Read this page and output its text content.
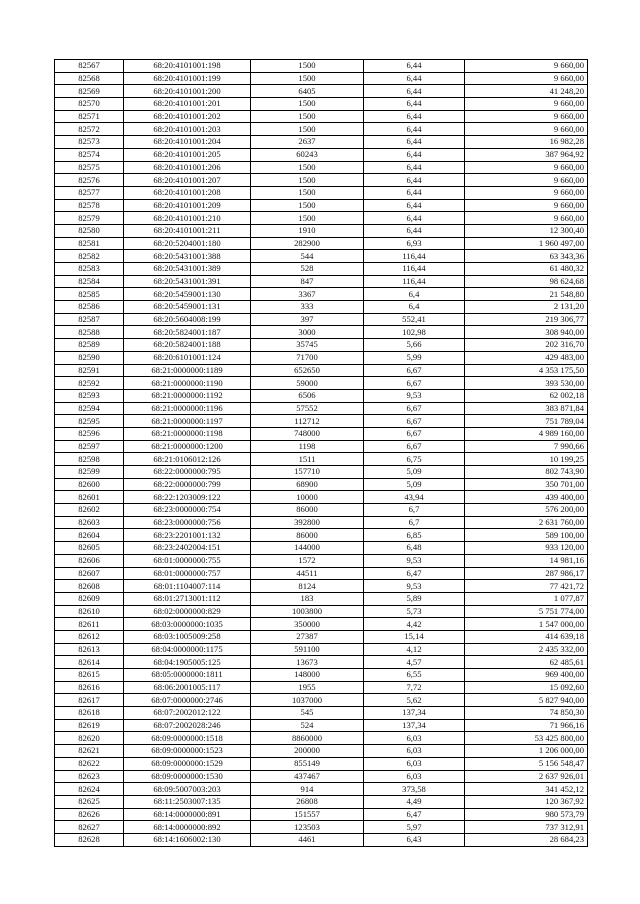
82567	68:20:4101001:198	1500	6,44	9 660,00
82568	68:20:4101001:199	1500	6,44	9 660,00
82569	68:20:4101001:200	6405	6,44	41 248,20
82570	68:20:4101001:201	1500	6,44	9 660,00
82571	68:20:4101001:202	1500	6,44	9 660,00
82572	68:20:4101001:203	1500	6,44	9 660,00
82573	68:20:4101001:204	2637	6,44	16 982,28
82574	68:20:4101001:205	60243	6,44	387 964,92
82575	68:20:4101001:206	1500	6,44	9 660,00
82576	68:20:4101001:207	1500	6,44	9 660,00
82577	68:20:4101001:208	1500	6,44	9 660,00
82578	68:20:4101001:209	1500	6,44	9 660,00
82579	68:20:4101001:210	1500	6,44	9 660,00
82580	68:20:4101001:211	1910	6,44	12 300,40
82581	68:20:5204001:180	282900	6,93	1 960 497,00
82582	68:20:5431001:388	544	116,44	63 343,36
82583	68:20:5431001:389	528	116,44	61 480,32
82584	68:20:5431001:391	847	116,44	98 624,68
82585	68:20:5459001:130	3367	6,4	21 548,80
82586	68:20:5459001:131	333	6,4	2 131,20
82587	68:20:5604008:199	397	552,41	219 306,77
82588	68:20:5824001:187	3000	102,98	308 940,00
82589	68:20:5824001:188	35745	5,66	202 316,70
82590	68:20:6101001:124	71700	5,99	429 483,00
82591	68:21:0000000:1189	652650	6,67	4 353 175,50
82592	68:21:0000000:1190	59000	6,67	393 530,00
82593	68:21:0000000:1192	6506	9,53	62 002,18
82594	68:21:0000000:1196	57552	6,67	383 871,84
82595	68:21:0000000:1197	112712	6,67	751 789,04
82596	68:21:0000000:1198	748000	6,67	4 989 160,00
82597	68:21:0000000:1200	1198	6,67	7 990,66
82598	68:21:0106012:126	1511	6,75	10 199,25
82599	68:22:0000000:795	157710	5,09	802 743,90
82600	68:22:0000000:799	68900	5,09	350 701,00
82601	68:22:1203009:122	10000	43,94	439 400,00
82602	68:23:0000000:754	86000	6,7	576 200,00
82603	68:23:0000000:756	392800	6,7	2 631 760,00
82604	68:23:2201001:132	86000	6,85	589 100,00
82605	68:23:2402004:151	144000	6,48	933 120,00
82606	68:01:0000000:755	1572	9,53	14 981,16
82607	68:01:0000000:757	44511	6,47	287 986,17
82608	68:01:1104007:114	8124	9,53	77 421,72
82609	68:01:2713001:112	183	5,89	1 077,87
82610	68:02:0000000:829	1003800	5,73	5 751 774,00
82611	68:03:0000000:1035	350000	4,42	1 547 000,00
82612	68:03:1005009:258	27387	15,14	414 639,18
82613	68:04:0000000:1175	591100	4,12	2 435 332,00
82614	68:04:1905005:125	13673	4,57	62 485,61
82615	68:05:0000000:1811	148000	6,55	969 400,00
82616	68:06:2001005:117	1955	7,72	15 092,60
82617	68:07:0000000:2746	1037000	5,62	5 827 940,00
82618	68:07:2002012:122	545	137,34	74 850,30
82619	68:07:2002028:246	524	137,34	71 966,16
82620	68:09:0000000:1518	8860000	6,03	53 425 800,00
82621	68:09:0000000:1523	200000	6,03	1 206 000,00
82622	68:09:0000000:1529	855149	6,03	5 156 548,47
82623	68:09:0000000:1530	437467	6,03	2 637 926,01
82624	68:09:5007003:203	914	373,58	341 452,12
82625	68:11:2503007:135	26808	4,49	120 367,92
82626	68:14:0000000:891	151557	6,47	980 573,79
82627	68:14:0000000:892	123503	5,97	737 312,91
82628	68:14:1606002:130	4461	6,43	28 684,23
